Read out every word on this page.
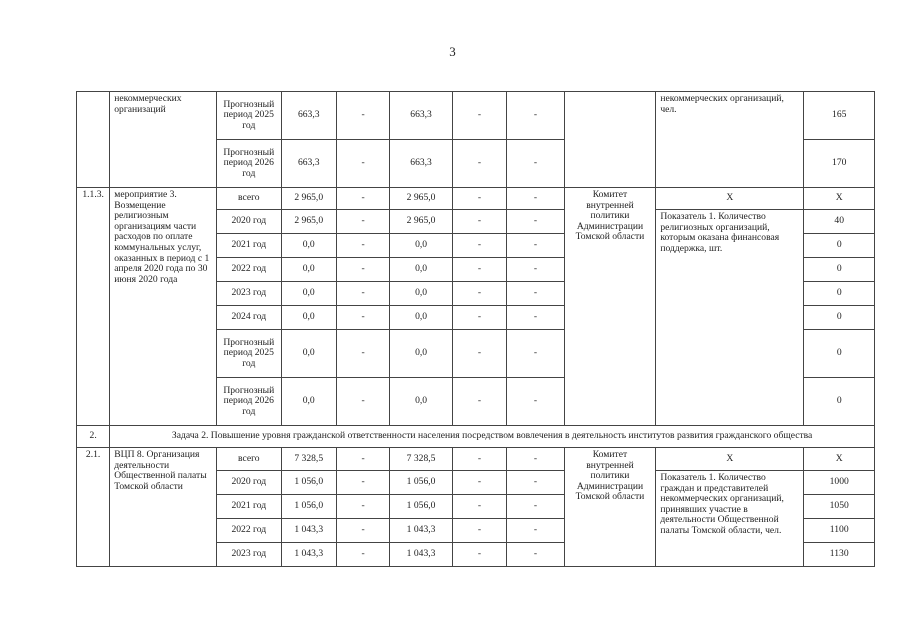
3
	некоммерческих организаций	Прогнозный период 2025 год	663,3	-	663,3	-	-		некоммерческих организаций, чел.	165
		Прогнозный период 2026 год	663,3	-	663,3	-	-			170
1.1.3.	мероприятие 3. Возмещение религиозным организациям части расходов по оплате коммунальных услуг, оказанных в период с 1 апреля 2020 года по 30 июня 2020 года	всего	2 965,0	-	2 965,0	-	-	Комитет внутренней политики Администрации Томской области	Х	Х
		2020 год	2 965,0	-	2 965,0	-	-		Показатель 1. Количество религиозных организаций, которым оказана финансовая поддержка, шт.	40
		2021 год	0,0	-	0,0	-	-			0
		2022 год	0,0	-	0,0	-	-			0
		2023 год	0,0	-	0,0	-	-			0
		2024 год	0,0	-	0,0	-	-			0
		Прогнозный период 2025 год	0,0	-	0,0	-	-			0
		Прогнозный период 2026 год	0,0	-	0,0	-	-			0
2.	Задача 2. Повышение уровня гражданской ответственности населения посредством вовлечения в деятельность институтов развития гражданского общества									
2.1.	ВЦП 8. Организация деятельности Общественной палаты Томской области	всего	7 328,5	-	7 328,5	-	-	Комитет внутренней политики Администрации Томской области	Х	Х
		2020 год	1 056,0	-	1 056,0	-	-		Показатель 1. Количество граждан и представителей некоммерческих организаций, принявших участие в деятельности Общественной палаты Томской области, чел.	1000
		2021 год	1 056,0	-	1 056,0	-	-			1050
		2022 год	1 043,3	-	1 043,3	-	-			1100
		2023 год	1 043,3	-	1 043,3	-	-			1130
